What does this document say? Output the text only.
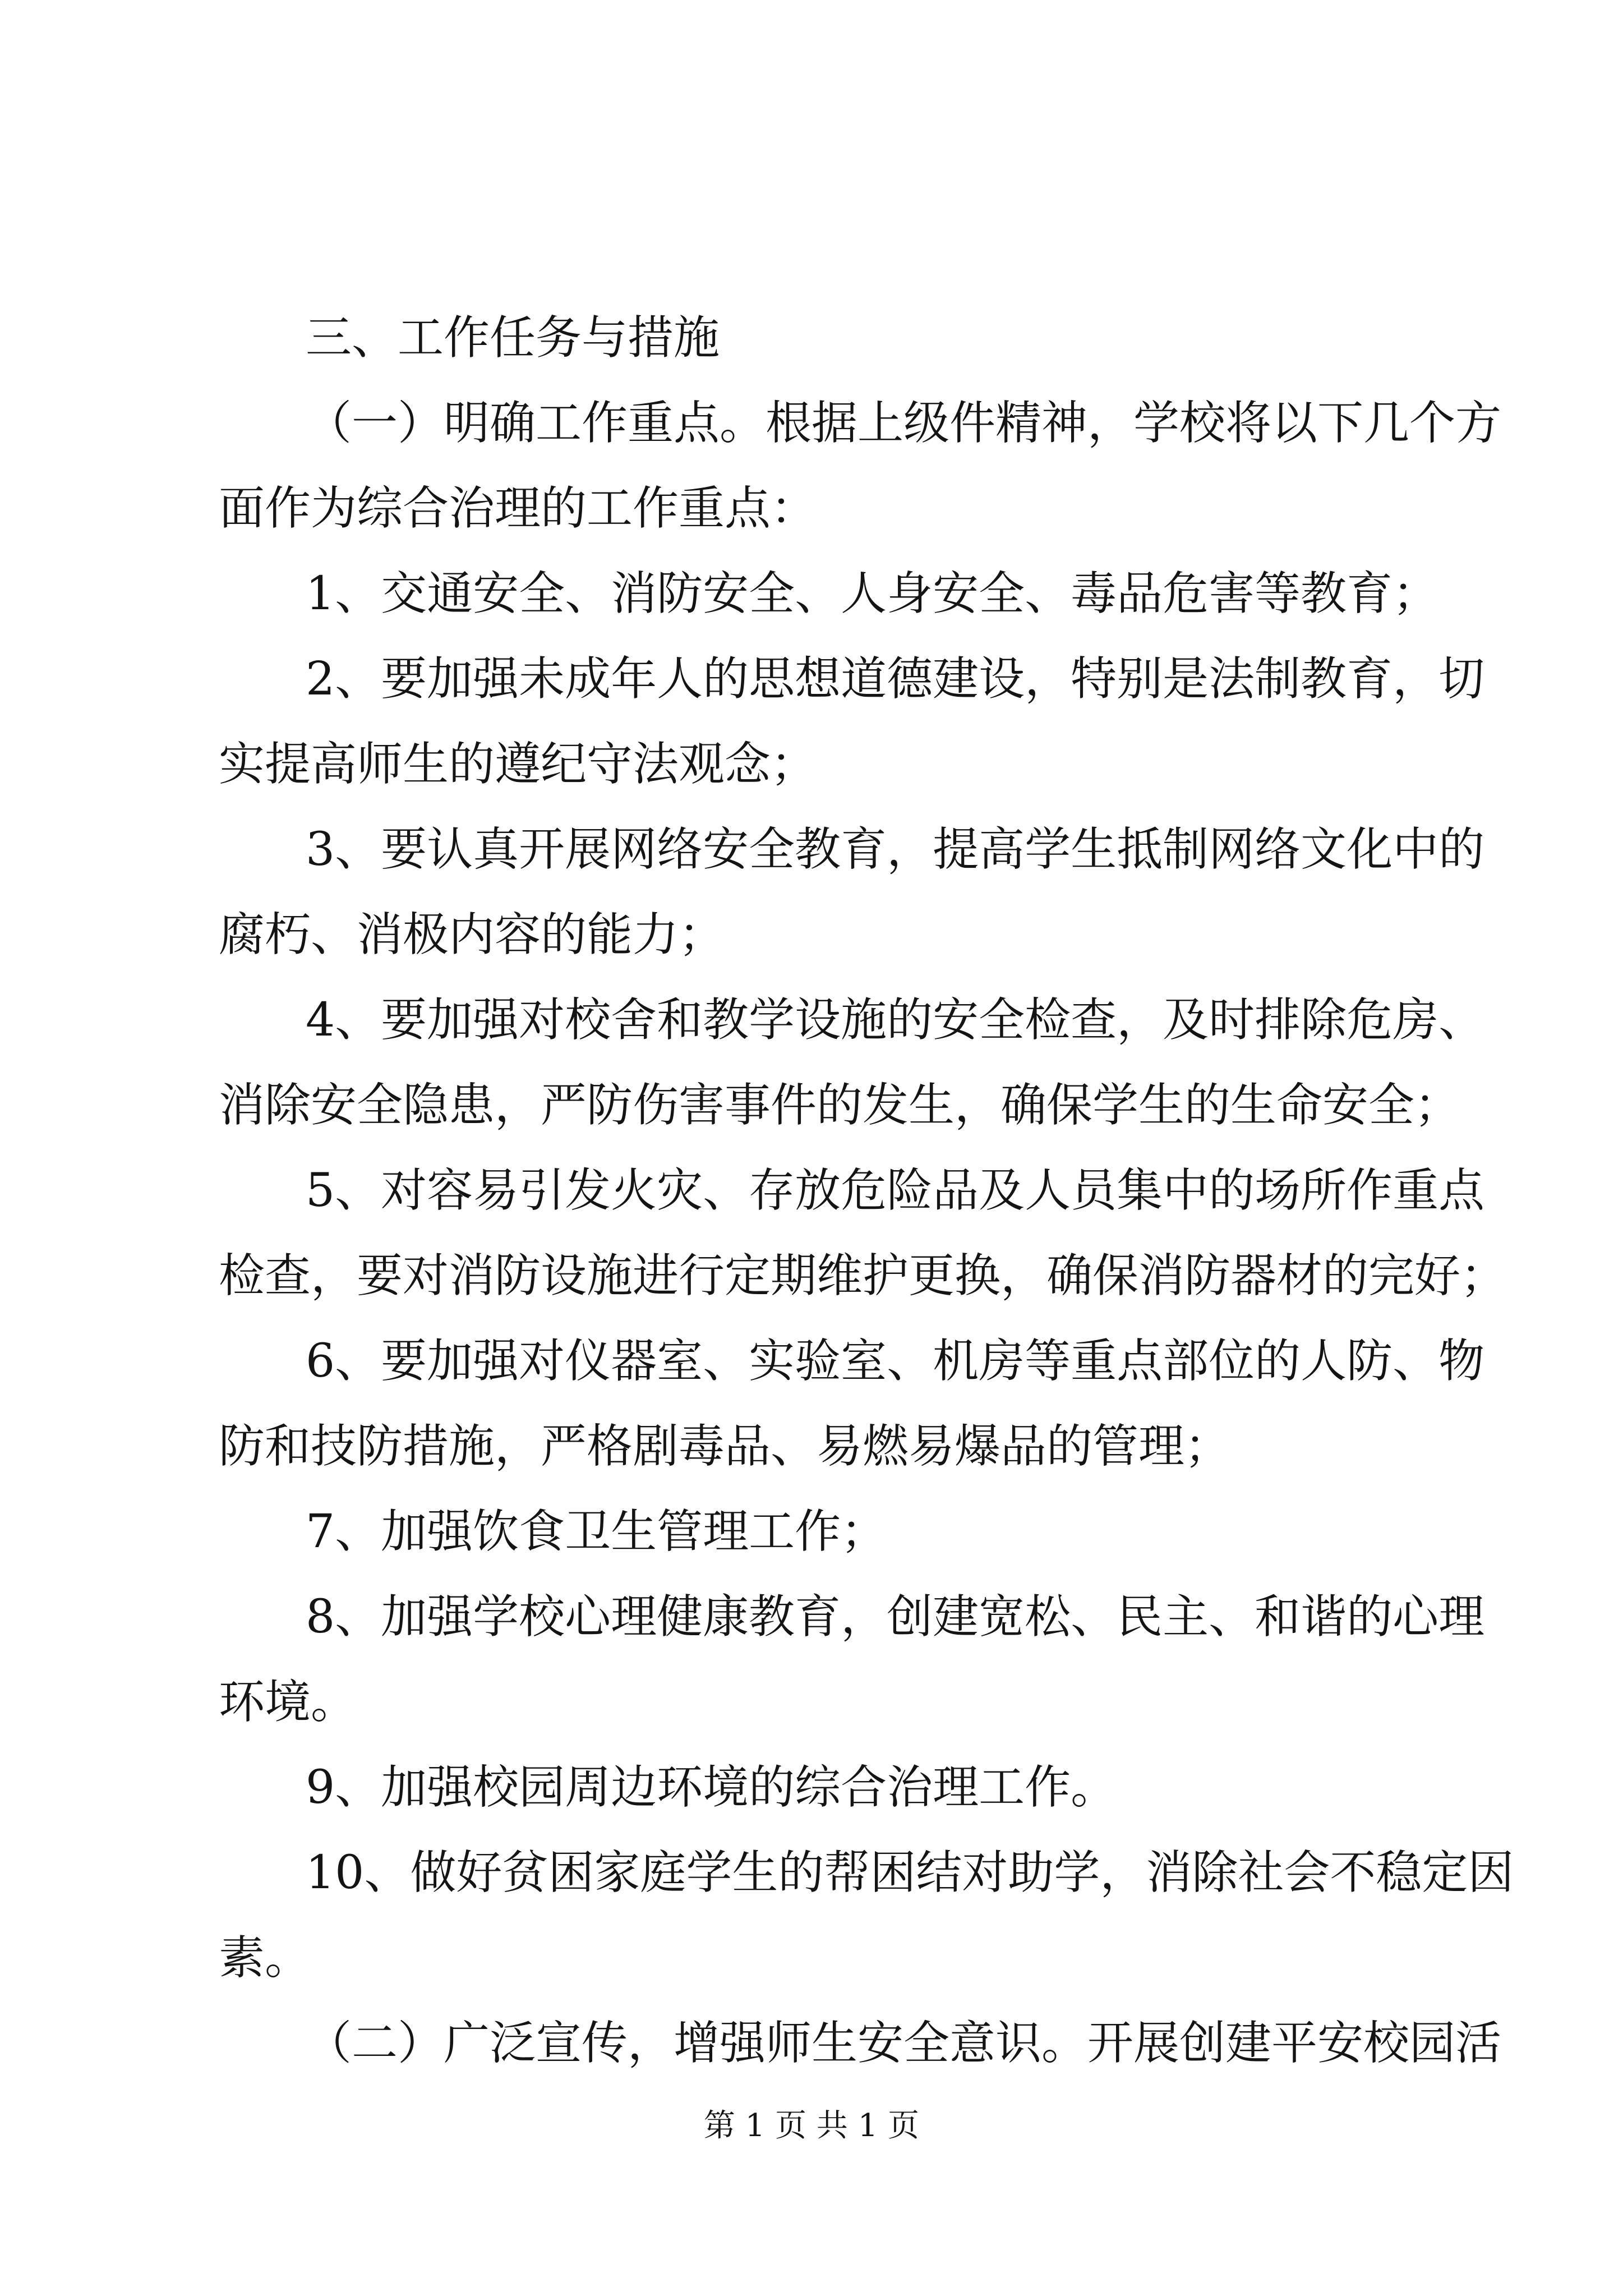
三、工作任务与措施
（一）明确工作重点。根据上级件精神，学校将以下几个方
面作为综合治理的工作重点：
1、交通安全、消防安全、人身安全、毒品危害等教育；
2、要加强未成年人的思想道德建设，特别是法制教育，切
实提高师生的遵纪守法观念；
3、要认真开展网络安全教育，提高学生抵制网络文化中的
腐朽、消极内容的能力；
4、要加强对校舍和教学设施的安全检查，及时排除危房、
消除安全隐患，严防伤害事件的发生，确保学生的生命安全；
5、对容易引发火灾、存放危险品及人员集中的场所作重点
检查，要对消防设施进行定期维护更换，确保消防器材的完好；
6、要加强对仪器室、实验室、机房等重点部位的人防、物
防和技防措施，严格剧毒品、易燃易爆品的管理；
7、加强饮食卫生管理工作；
8、加强学校心理健康教育，创建宽松、民主、和谐的心理
环境。
9、加强校园周边环境的综合治理工作。
10、做好贫困家庭学生的帮困结对助学，消除社会不稳定因
素。
（二）广泛宣传，增强师生安全意识。开展创建平安校园活
第 1 页 共 1 页
